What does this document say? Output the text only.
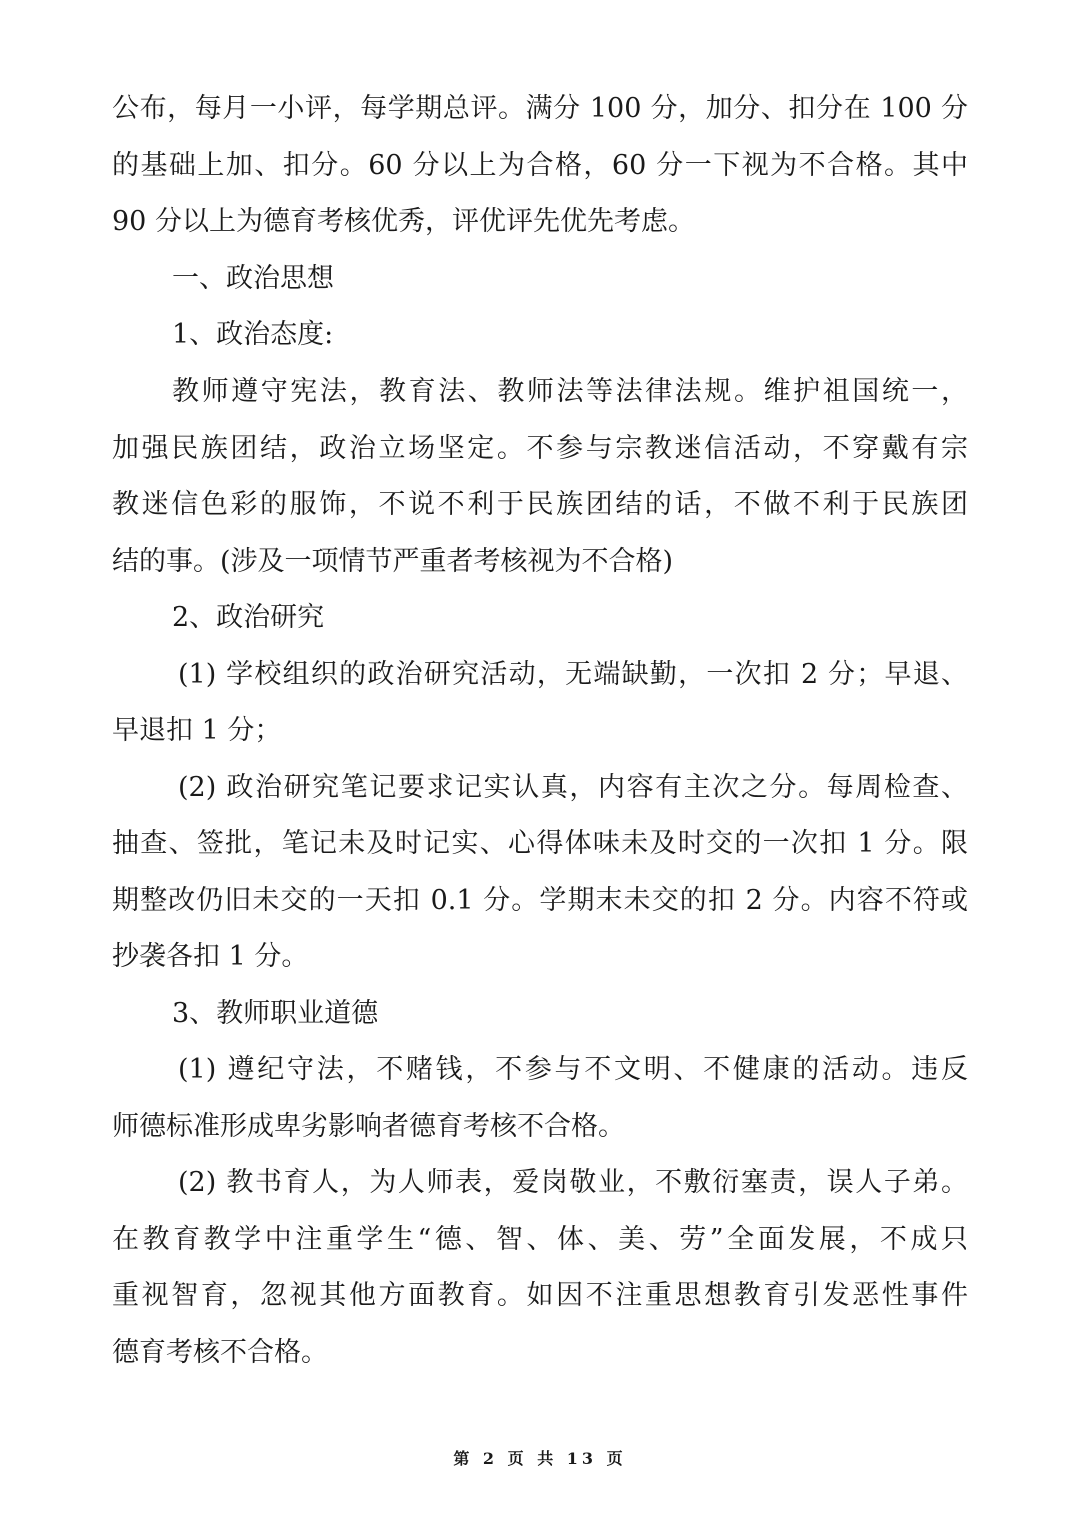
公布，每月一小评，每学期总评。满分 100 分，加分、扣分在 100 分
的基础上加、扣分。60 分以上为合格，60 分一下视为不合格。其中
90 分以上为德育考核优秀，评优评先优先考虑。
一、政治思想
1、政治态度:
教师遵守宪法，教育法、教师法等法律法规。维护祖国统一，
加强民族团结，政治立场坚定。不参与宗教迷信活动，不穿戴有宗
教迷信色彩的服饰，不说不利于民族团结的话，不做不利于民族团
结的事。(涉及一项情节严重者考核视为不合格)
2、政治研究
(1) 学校组织的政治研究活动，无端缺勤，一次扣 2 分；早退、
早退扣 1 分；
(2) 政治研究笔记要求记实认真，内容有主次之分。每周检查、
抽查、签批，笔记未及时记实、心得体味未及时交的一次扣 1 分。限
期整改仍旧未交的一天扣 0.1 分。学期末未交的扣 2 分。内容不符或
抄袭各扣 1 分。
3、教师职业道德
(1) 遵纪守法，不赌钱，不参与不文明、不健康的活动。违反
师德标准形成卑劣影响者德育考核不合格。
(2) 教书育人，为人师表，爱岗敬业，不敷衍塞责，误人子弟。
在教育教学中注重学生“德、智、体、美、劳”全面发展，不成只
重视智育，忽视其他方面教育。如因不注重思想教育引发恶性事件
德育考核不合格。
第 2 页 共 13 页
